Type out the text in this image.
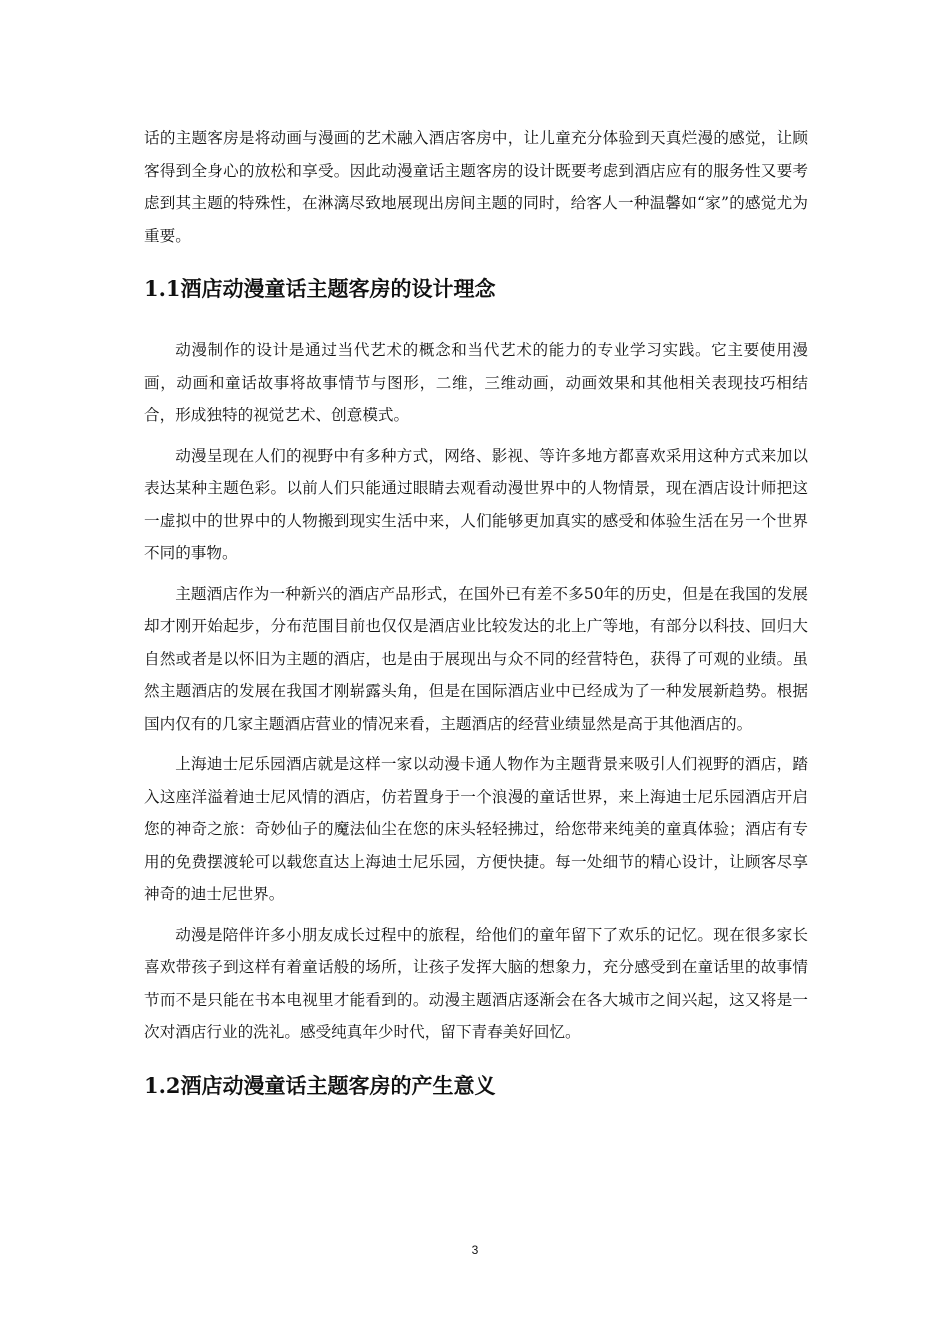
话的主题客房是将动画与漫画的艺术融入酒店客房中，让儿童充分体验到天真烂漫的感觉，让顾客得到全身心的放松和享受。因此动漫童话主题客房的设计既要考虑到酒店应有的服务性又要考虑到其主题的特殊性，在淋漓尽致地展现出房间主题的同时，给客人一种温馨如“家”的感觉尤为重要。

1.1酒店动漫童话主题客房的设计理念

动漫制作的设计是通过当代艺术的概念和当代艺术的能力的专业学习实践。它主要使用漫画，动画和童话故事将故事情节与图形，二维，三维动画，动画效果和其他相关表现技巧相结合，形成独特的视觉艺术、创意模式。

动漫呈现在人们的视野中有多种方式，网络、影视、等许多地方都喜欢采用这种方式来加以表达某种主题色彩。以前人们只能通过眼睛去观看动漫世界中的人物情景，现在酒店设计师把这一虚拟中的世界中的人物搬到现实生活中来，人们能够更加真实的感受和体验生活在另一个世界不同的事物。

主题酒店作为一种新兴的酒店产品形式，在国外已有差不多50年的历史，但是在我国的发展却才刚开始起步，分布范围目前也仅仅是酒店业比较发达的北上广等地，有部分以科技、回归大自然或者是以怀旧为主题的酒店，也是由于展现出与众不同的经营特色，获得了可观的业绩。虽然主题酒店的发展在我国才刚崭露头角，但是在国际酒店业中已经成为了一种发展新趋势。根据国内仅有的几家主题酒店营业的情况来看，主题酒店的经营业绩显然是高于其他酒店的。

上海迪士尼乐园酒店就是这样一家以动漫卡通人物作为主题背景来吸引人们视野的酒店，踏入这座洋溢着迪士尼风情的酒店，仿若置身于一个浪漫的童话世界，来上海迪士尼乐园酒店开启您的神奇之旅：奇妙仙子的魔法仙尘在您的床头轻轻拂过，给您带来纯美的童真体验；酒店有专用的免费摆渡轮可以载您直达上海迪士尼乐园，方便快捷。每一处细节的精心设计，让顾客尽享神奇的迪士尼世界。

动漫是陪伴许多小朋友成长过程中的旅程，给他们的童年留下了欢乐的记忆。现在很多家长喜欢带孩子到这样有着童话般的场所，让孩子发挥大脑的想象力，充分感受到在童话里的故事情节而不是只能在书本电视里才能看到的。动漫主题酒店逐渐会在各大城市之间兴起，这又将是一次对酒店行业的洗礼。感受纯真年少时代，留下青春美好回忆。

1.2酒店动漫童话主题客房的产生意义
3
